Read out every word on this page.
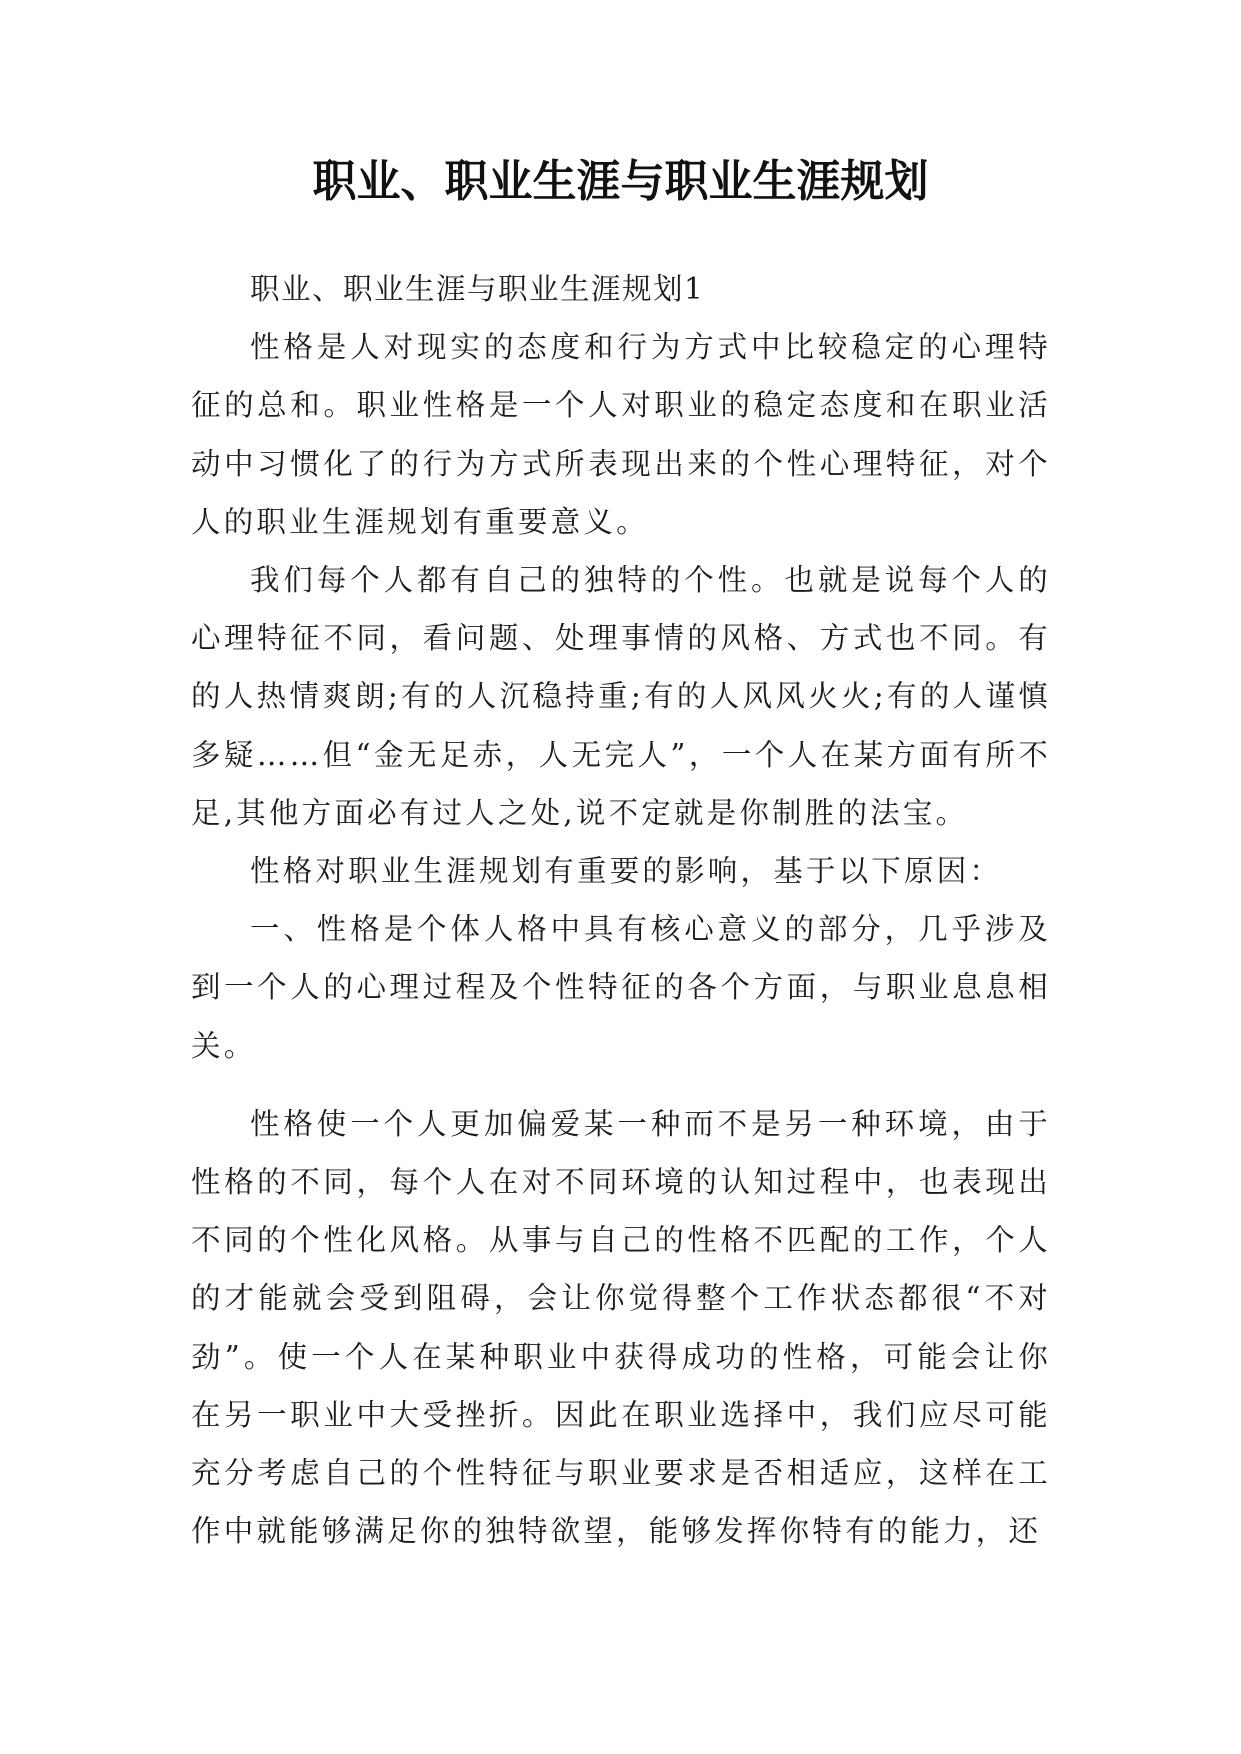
职业、职业生涯与职业生涯规划

职业、职业生涯与职业生涯规划1

性格是人对现实的态度和行为方式中比较稳定的心理特征的总和。职业性格是一个人对职业的稳定态度和在职业活动中习惯化了的行为方式所表现出来的个性心理特征，对个人的职业生涯规划有重要意义。

我们每个人都有自己的独特的个性。也就是说每个人的心理特征不同，看问题、处理事情的风格、方式也不同。有的人热情爽朗;有的人沉稳持重;有的人风风火火;有的人谨慎多疑……但“金无足赤，人无完人”，一个人在某方面有所不足,其他方面必有过人之处,说不定就是你制胜的法宝。

性格对职业生涯规划有重要的影响，基于以下原因：

一、性格是个体人格中具有核心意义的部分，几乎涉及到一个人的心理过程及个性特征的各个方面，与职业息息相关。

性格使一个人更加偏爱某一种而不是另一种环境，由于性格的不同，每个人在对不同环境的认知过程中，也表现出不同的个性化风格。从事与自己的性格不匹配的工作，个人的才能就会受到阻碍，会让你觉得整个工作状态都很“不对劲”。使一个人在某种职业中获得成功的性格，可能会让你在另一职业中大受挫折。因此在职业选择中，我们应尽可能充分考虑自己的个性特征与职业要求是否相适应，这样在工作中就能够满足你的独特欲望，能够发挥你特有的能力，还
